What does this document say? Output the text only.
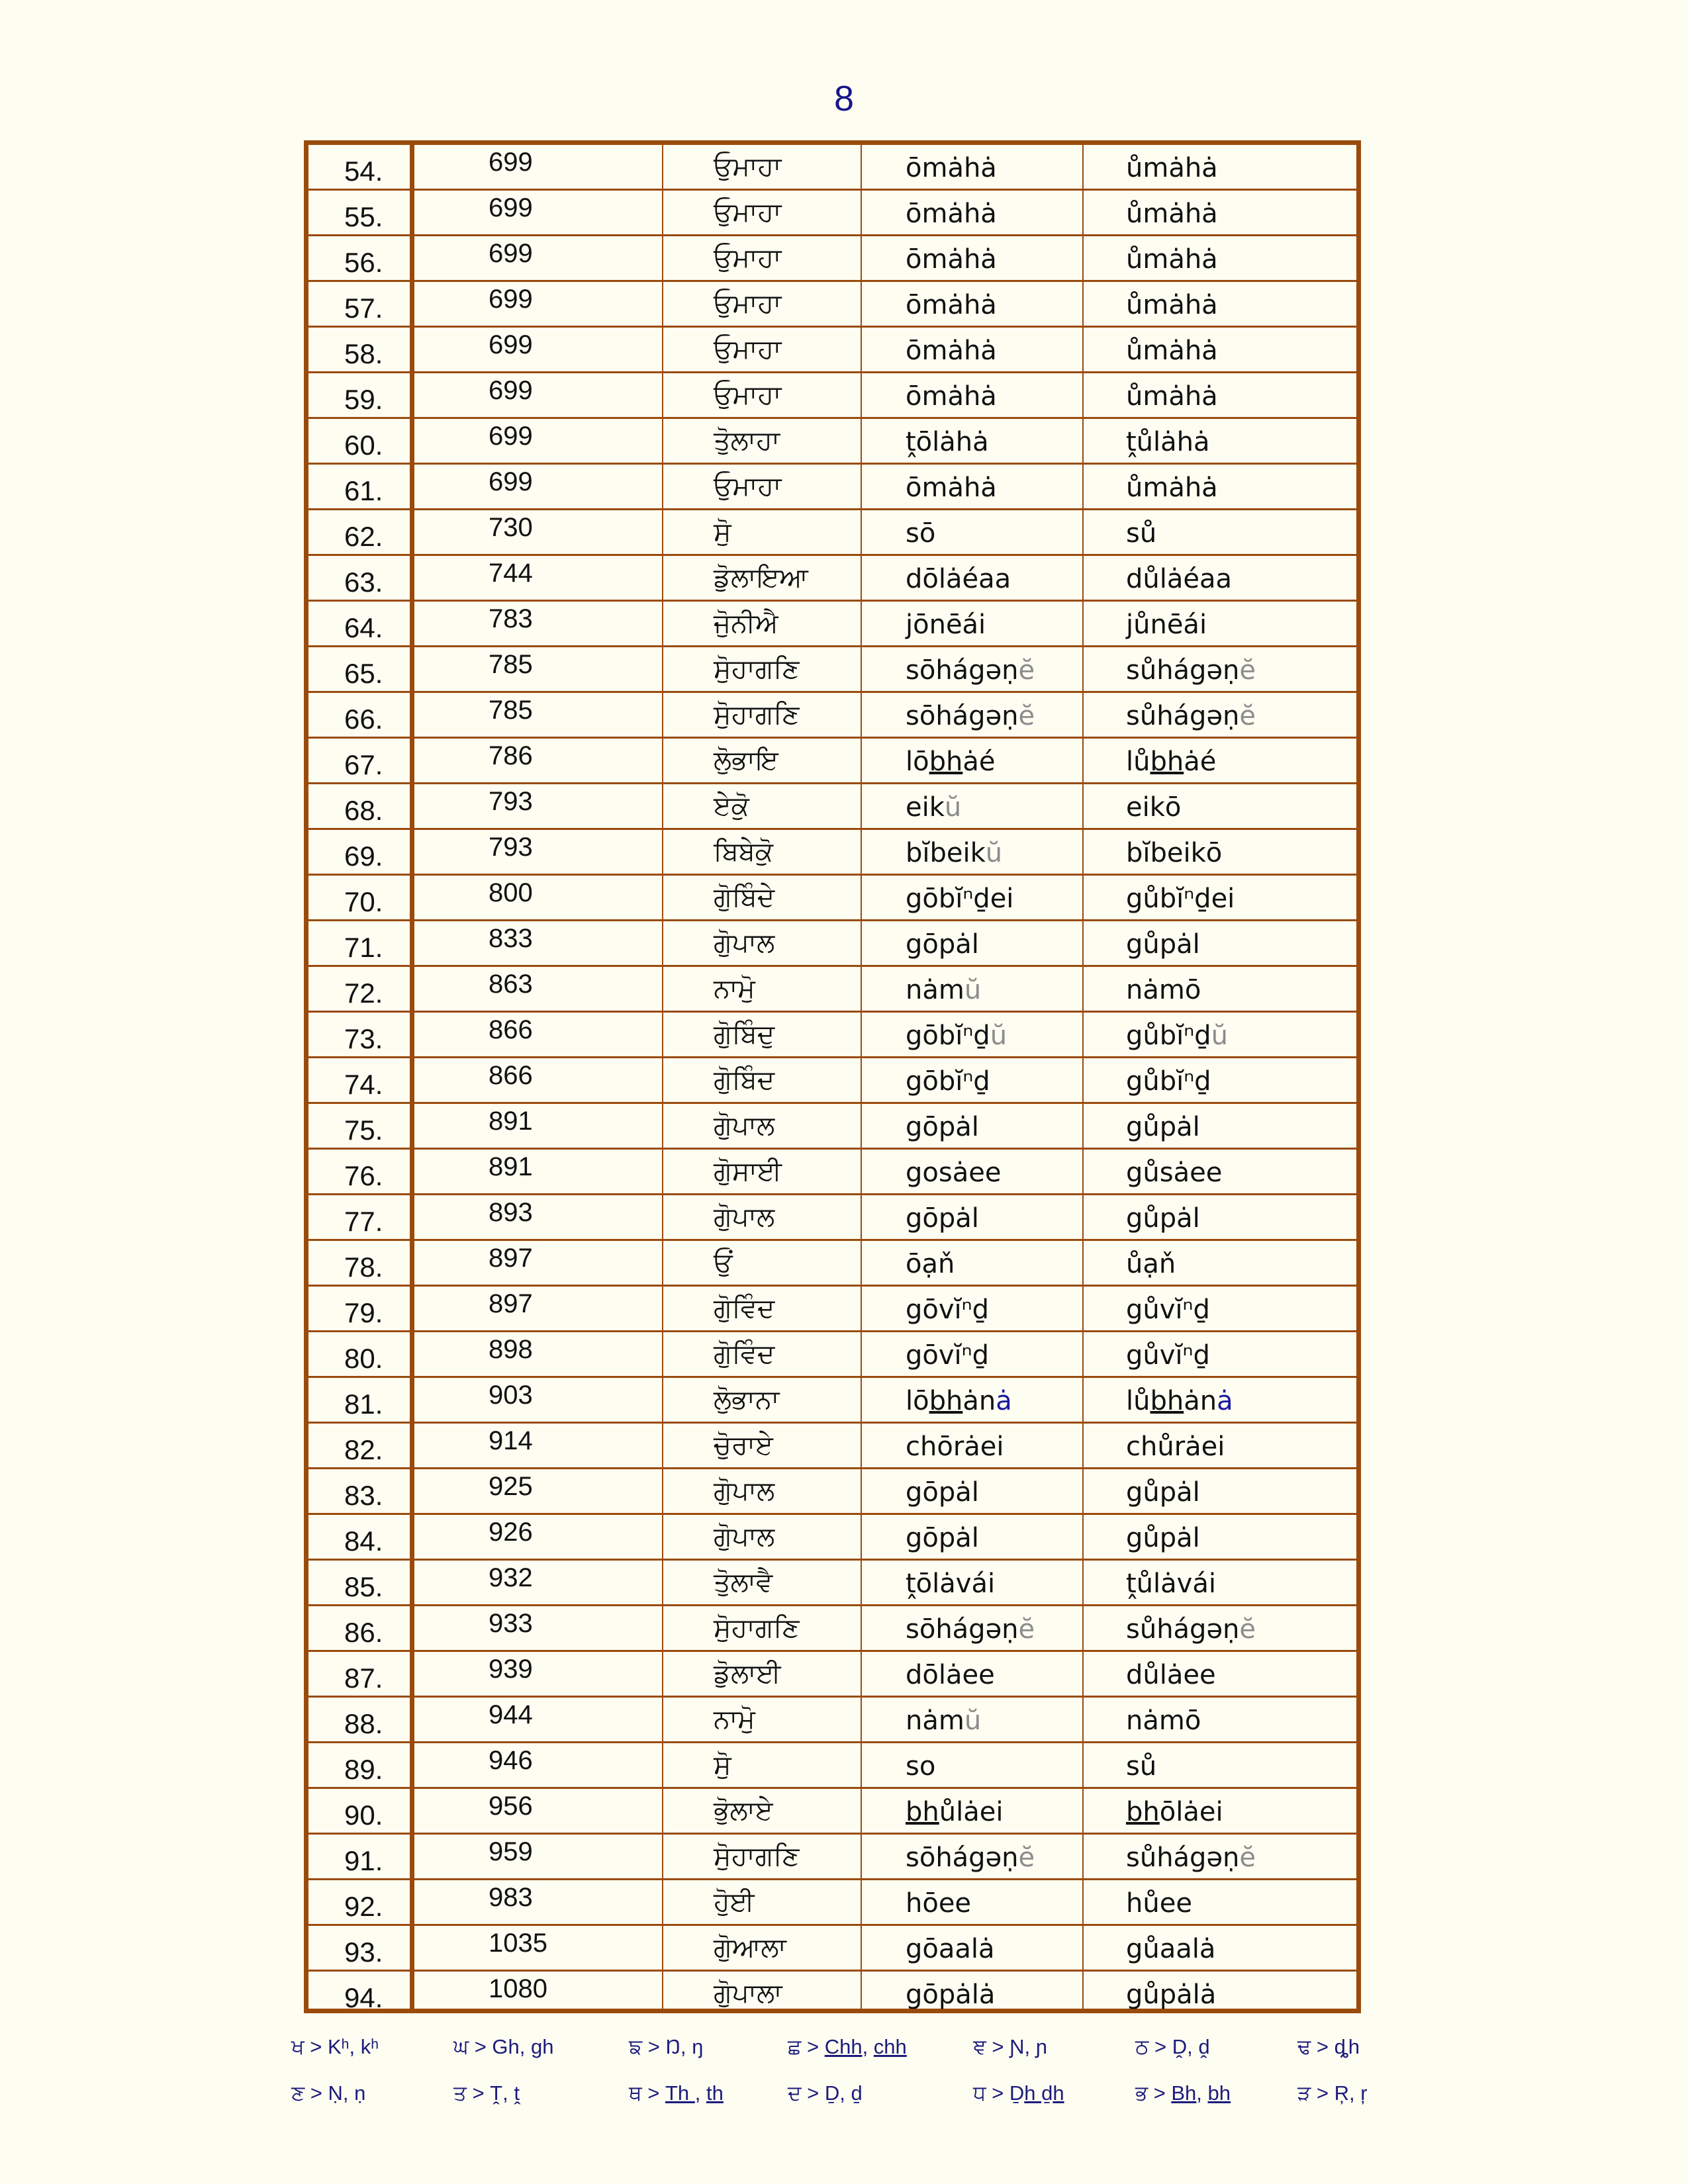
8
54.	699	ਓੁਮਾਹਾ	ōmȧhȧ	ůmȧhȧ
55.	699	ਓੁਮਾਹਾ	ōmȧhȧ	ůmȧhȧ
56.	699	ਓੁਮਾਹਾ	ōmȧhȧ	ůmȧhȧ
57.	699	ਓੁਮਾਹਾ	ōmȧhȧ	ůmȧhȧ
58.	699	ਓੁਮਾਹਾ	ōmȧhȧ	ůmȧhȧ
59.	699	ਓੁਮਾਹਾ	ōmȧhȧ	ůmȧhȧ
60.	699	ਤੋੁਲਾਹਾ	ṱōlȧhȧ	ṱůlȧhȧ
61.	699	ਓੁਮਾਹਾ	ōmȧhȧ	ůmȧhȧ
62.	730	ਸੋੁ	sō	sů
63.	744	ਡੋੁਲਾਇਆ	dōlȧéaa	důlȧéaa
64.	783	ਜੋੁਨੀਐ	jōnēái	jůnēái
65.	785	ਸੋੁਹਾਗਣਿ	sōhágəṇĕ	sůhágəṇĕ
66.	785	ਸੋੁਹਾਗਣਿ	sōhágəṇĕ	sůhágəṇĕ
67.	786	ਲੋੁਭਾਇ	lōbhȧé	lůbhȧé
68.	793	ਏਕੋੁ	eikŭ	eikō
69.	793	ਬਿਬੇਕੋੁ	bĭbeikŭ	bĭbeikō
70.	800	ਗੋੁਬਿੰਦੇ	gōbĭⁿḏei	gůbĭⁿḏei
71.	833	ਗੋੁਪਾਲ	gōpȧl	gůpȧl
72.	863	ਨਾਮੋੁ	nȧmŭ	nȧmō
73.	866	ਗੋੁਬਿੰਦੁ	gōbĭⁿḏŭ	gůbĭⁿḏŭ
74.	866	ਗੋੁਬਿੰਦ	gōbĭⁿḏ	gůbĭⁿḏ
75.	891	ਗੋੁਪਾਲ	gōpȧl	gůpȧl
76.	891	ਗੋੁਸਾਈ	gosȧee	gůsȧee
77.	893	ਗੋੁਪਾਲ	gōpȧl	gůpȧl
78.	897	ਓੁਂ	ōạň	ůạň
79.	897	ਗੋੁਵਿੰਦ	gōvĭⁿḏ	gůvĭⁿḏ
80.	898	ਗੋੁਵਿੰਦ	gōvĭⁿḏ	gůvĭⁿḏ
81.	903	ਲੋੁਭਾਨਾ	lōbhȧnȧ	lůbhȧnȧ
82.	914	ਚੋੁਰਾਏ	chōrȧei	chůrȧei
83.	925	ਗੋੁਪਾਲ	gōpȧl	gůpȧl
84.	926	ਗੋੁਪਾਲ	gōpȧl	gůpȧl
85.	932	ਤੋੁਲਾਵੈ	ṱōlȧvái	ṱůlȧvái
86.	933	ਸੋੁਹਾਗਣਿ	sōhágəṇĕ	sůhágəṇĕ
87.	939	ਡੋੁਲਾਈ	dōlȧee	důlȧee
88.	944	ਨਾਮੋੁ	nȧmŭ	nȧmō
89.	946	ਸੋੁ	so	sů
90.	956	ਭੋੁਲਾਏ	bhůlȧei	bhōlȧei
91.	959	ਸੋੁਹਾਗਣਿ	sōhágəṇĕ	sůhágəṇĕ
92.	983	ਹੋੁਈ	hōee	hůee
93.	1035	ਗੋੁਆਲਾ	gōaalȧ	gůaalȧ
94.	1080	ਗੋੁਪਾਲਾ	gōpȧlȧ	gůpȧlȧ
ਖ > Kʰ, kʰ	ਘ > Gh, gh	ਙ > Ŋ, ŋ	ਛ > Chh, chh	ਞ > Ɲ, ɲ	ਠ > Ḓ, ḓ	ਢ > ȡh
ਣ > Ṇ, ṇ	ਤ > Ṱ, ṱ	ਥ > Th , th	ਦ > Ḏ, ḏ	ਧ > Ḏh ḏh	ਭ > Bh, bh	ੜ > Ŗ, ŗ
